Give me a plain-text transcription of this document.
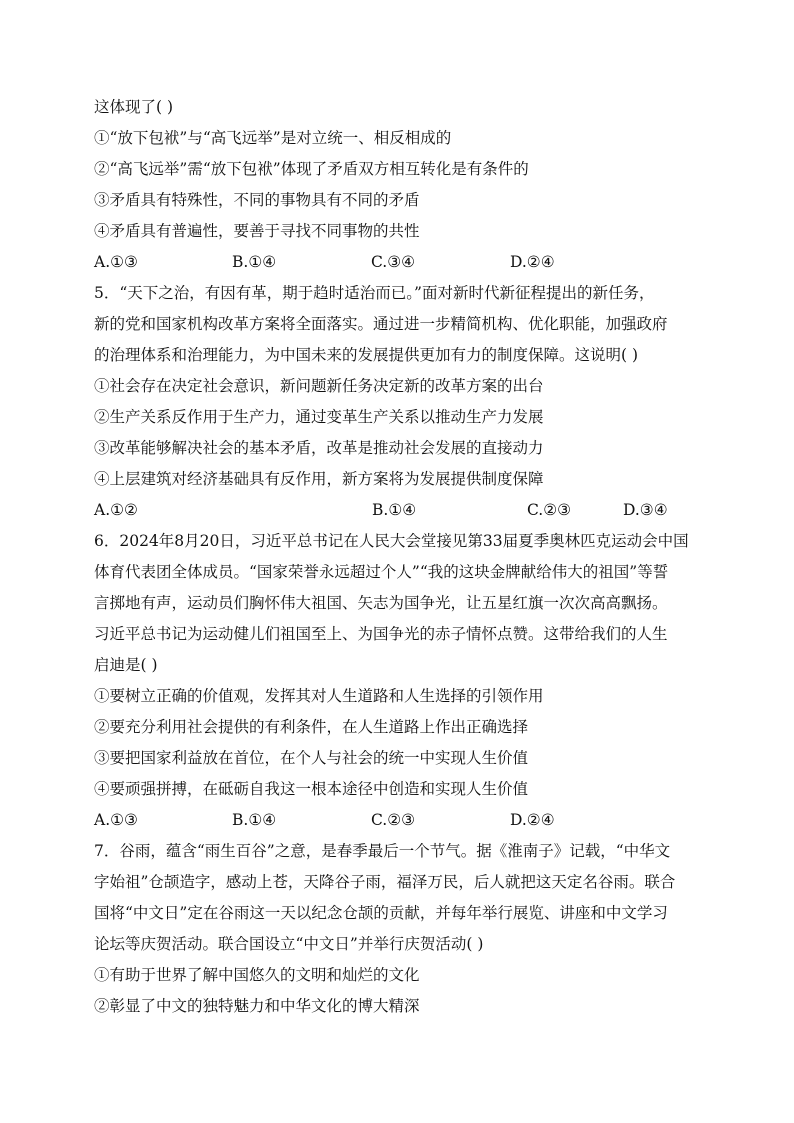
这体现了( )
①“放下包袱”与“高飞远举”是对立统一、相反相成的
②“高飞远举”需“放下包袱”体现了矛盾双方相互转化是有条件的
③矛盾具有特殊性，不同的事物具有不同的矛盾
④矛盾具有普遍性，要善于寻找不同事物的共性
A.①③	B.①④	C.③④	D.②④
5．“天下之治，有因有革，期于趋时适治而已。”面对新时代新征程提出的新任务，
新的党和国家机构改革方案将全面落实。通过进一步精简机构、优化职能，加强政府
的治理体系和治理能力，为中国未来的发展提供更加有力的制度保障。这说明( )
①社会存在决定社会意识，新问题新任务决定新的改革方案的出台
②生产关系反作用于生产力，通过变革生产关系以推动生产力发展
③改革能够解决社会的基本矛盾，改革是推动社会发展的直接动力
④上层建筑对经济基础具有反作用，新方案将为发展提供制度保障
A.①②	B.①④	C.②③	D.③④
6．2024年8月20日，习近平总书记在人民大会堂接见第33届夏季奥林匹克运动会中国
体育代表团全体成员。“国家荣誉永远超过个人”“我的这块金牌献给伟大的祖国”等誓
言掷地有声，运动员们胸怀伟大祖国、矢志为国争光，让五星红旗一次次高高飘扬。
习近平总书记为运动健儿们祖国至上、为国争光的赤子情怀点赞。这带给我们的人生
启迪是( )
①要树立正确的价值观，发挥其对人生道路和人生选择的引领作用
②要充分利用社会提供的有利条件，在人生道路上作出正确选择
③要把国家利益放在首位，在个人与社会的统一中实现人生价值
④要顽强拼搏，在砥砺自我这一根本途径中创造和实现人生价值
A.①③	B.①④	C.②③	D.②④
7．谷雨，蕴含“雨生百谷”之意，是春季最后一个节气。据《淮南子》记载，“中华文
字始祖”仓颉造字，感动上苍，天降谷子雨，福泽万民，后人就把这天定名谷雨。联合
国将“中文日”定在谷雨这一天以纪念仓颉的贡献，并每年举行展览、讲座和中文学习
论坛等庆贺活动。联合国设立“中文日”并举行庆贺活动( )
①有助于世界了解中国悠久的文明和灿烂的文化
②彰显了中文的独特魅力和中华文化的博大精深
